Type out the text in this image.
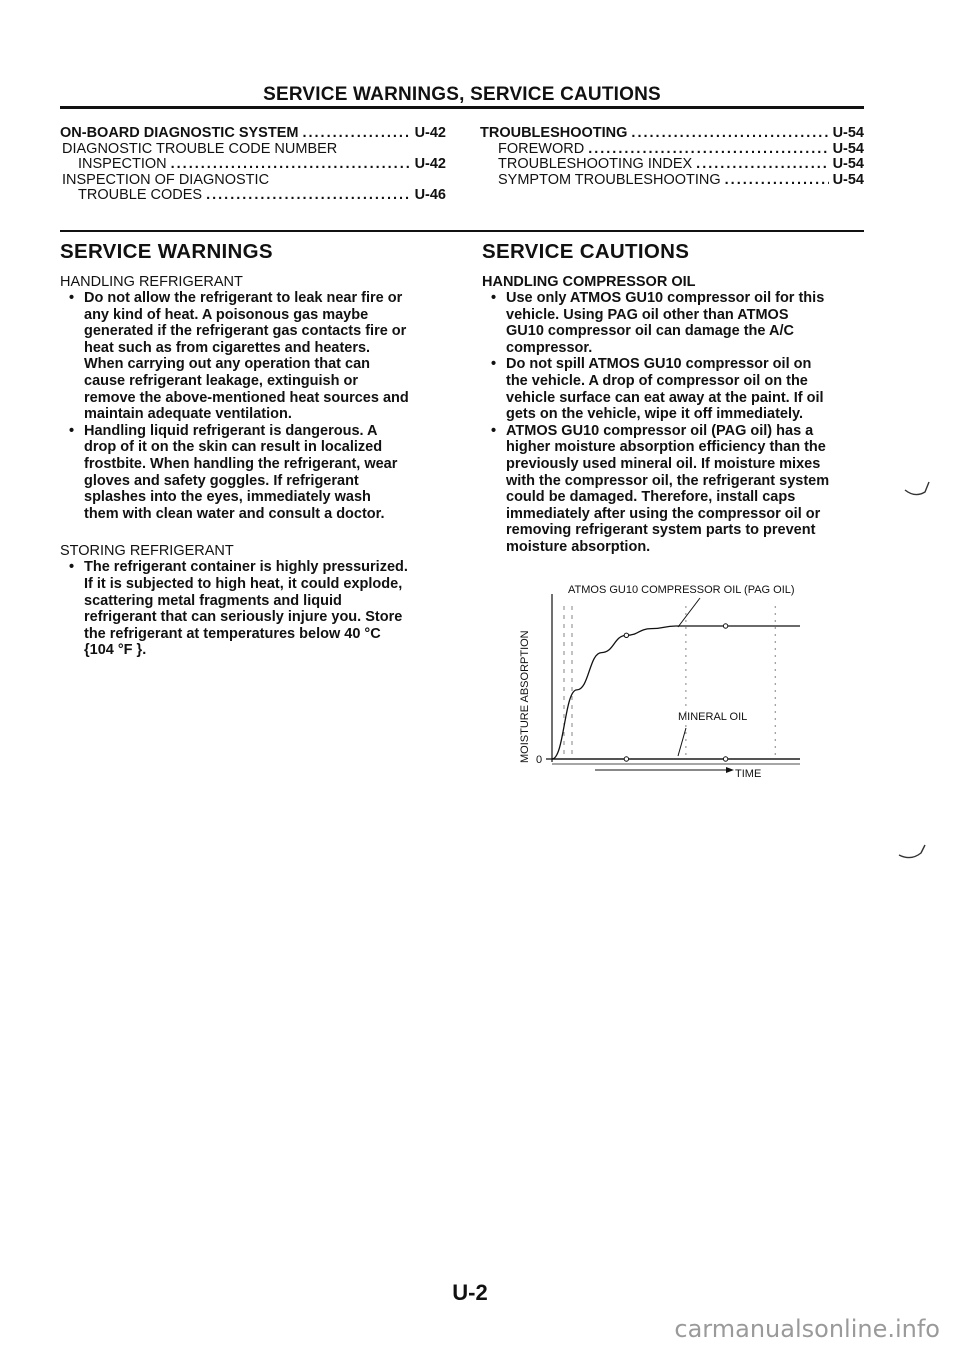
SERVICE WARNINGS, SERVICE CAUTIONS
ON-BOARD DIAGNOSTIC SYSTEM .....	U-42
DIAGNOSTIC TROUBLE CODE NUMBER
INSPECTION .....	U-42
INSPECTION OF DIAGNOSTIC
TROUBLE CODES .....	U-46
TROUBLESHOOTING .....	U-54
FOREWORD .....	U-54
TROUBLESHOOTING INDEX .....	U-54
SYMPTOM TROUBLESHOOTING .....	U-54
SERVICE WARNINGS
HANDLING REFRIGERANT
• Do not allow the refrigerant to leak near fire or
any kind of heat. A poisonous gas maybe
generated if the refrigerant gas contacts fire or
heat such as from cigarettes and heaters.
When carrying out any operation that can
cause refrigerant leakage, extinguish or
remove the above-mentioned heat sources and
maintain adequate ventilation.

• Handling liquid refrigerant is dangerous. A
drop of it on the skin can result in localized
frostbite. When handling the refrigerant, wear
gloves and safety goggles. If refrigerant
splashes into the eyes, immediately wash
them with clean water and consult a doctor.

STORING REFRIGERANT
• The refrigerant container is highly pressurized.
If it is subjected to high heat, it could explode,
scattering metal fragments and liquid
refrigerant that can seriously injure you. Store
the refrigerant at temperatures below 40 °C
{104 °F }.

SERVICE CAUTIONS
HANDLING COMPRESSOR OIL
• Use only ATMOS GU10 compressor oil for this
vehicle. Using PAG oil other than ATMOS
GU10 compressor oil can damage the A/C
compressor.

• Do not spill ATMOS GU10 compressor oil on
the vehicle. A drop of compressor oil on the
vehicle surface can eat away at the paint. If oil
gets on the vehicle, wipe it off immediately.

• ATMOS GU10 compressor oil (PAG oil) has a
higher moisture absorption efficiency than the
previously used mineral oil. If moisture mixes
with the compressor oil, the refrigerant system
could be damaged. Therefore, install caps
immediately after using the compressor oil or
removing refrigerant system parts to prevent
moisture absorption.

ATMOS GU10 COMPRESSOR OIL (PAG OIL)
MINERAL OIL
MOISTURE ABSORPTION
TIME
0
U-2
carmanualsonline.info
